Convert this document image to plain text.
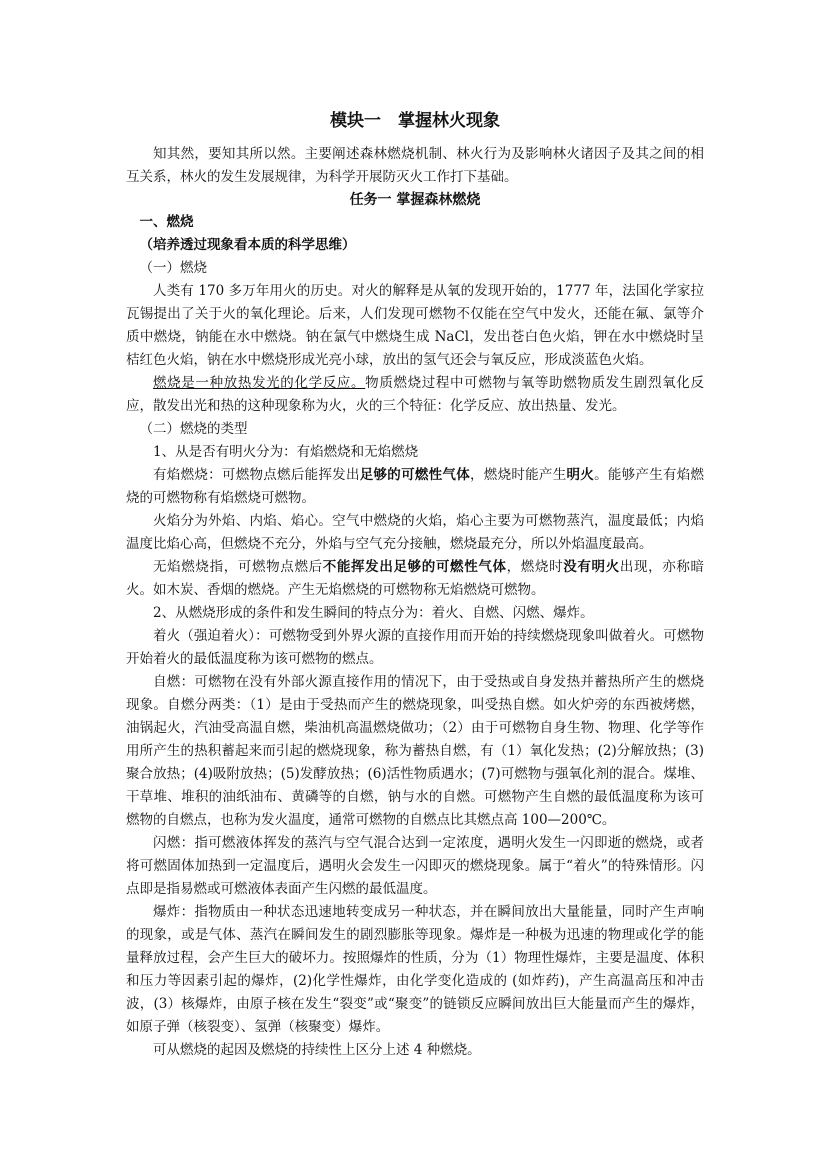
模块一　掌握林火现象

知其然，要知其所以然。主要阐述森林燃烧机制、林火行为及影响林火诸因子及其之间的相互关系，林火的发生发展规律，为科学开展防灭火工作打下基础。

任务一 掌握森林燃烧

一、燃烧

（培养透过现象看本质的科学思维）

（一）燃烧

人类有 170 多万年用火的历史。对火的解释是从氧的发现开始的，1777 年，法国化学家拉瓦锡提出了关于火的氧化理论。后来，人们发现可燃物不仅能在空气中发火，还能在氟、氯等介质中燃烧，钠能在水中燃烧。钠在氯气中燃烧生成 NaCl，发出苍白色火焰，钾在水中燃烧时呈桔红色火焰，钠在水中燃烧形成光亮小球，放出的氢气还会与氧反应，形成淡蓝色火焰。

燃烧是一种放热发光的化学反应。物质燃烧过程中可燃物与氧等助燃物质发生剧烈氧化反应，散发出光和热的这种现象称为火，火的三个特征：化学反应、放出热量、发光。

（二）燃烧的类型

1、从是否有明火分为：有焰燃烧和无焰燃烧

有焰燃烧：可燃物点燃后能挥发出足够的可燃性气体，燃烧时能产生明火。能够产生有焰燃烧的可燃物称有焰燃烧可燃物。

火焰分为外焰、内焰、焰心。空气中燃烧的火焰，焰心主要为可燃物蒸汽，温度最低；内焰温度比焰心高，但燃烧不充分，外焰与空气充分接触，燃烧最充分，所以外焰温度最高。

无焰燃烧指，可燃物点燃后不能挥发出足够的可燃性气体，燃烧时没有明火出现，亦称暗火。如木炭、香烟的燃烧。产生无焰燃烧的可燃物称无焰燃烧可燃物。

2、从燃烧形成的条件和发生瞬间的特点分为：着火、自燃、闪燃、爆炸。

着火（强迫着火）：可燃物受到外界火源的直接作用而开始的持续燃烧现象叫做着火。可燃物开始着火的最低温度称为该可燃物的燃点。

自燃：可燃物在没有外部火源直接作用的情况下，由于受热或自身发热并蓄热所产生的燃烧现象。自燃分两类：（1）是由于受热而产生的燃烧现象，叫受热自燃。如火炉旁的东西被烤燃，油锅起火，汽油受高温自燃，柴油机高温燃烧做功；（2）由于可燃物自身生物、物理、化学等作用所产生的热积蓄起来而引起的燃烧现象，称为蓄热自燃，有（1）氧化发热；(2)分解放热；(3)聚合放热；(4)吸附放热；(5)发酵放热；(6)活性物质遇水；(7)可燃物与强氧化剂的混合。煤堆、干草堆、堆积的油纸油布、黄磷等的自燃，钠与水的自燃。可燃物产生自燃的最低温度称为该可燃物的自燃点，也称为发火温度，通常可燃物的自燃点比其燃点高 100—200℃。

闪燃：指可燃液体挥发的蒸汽与空气混合达到一定浓度，遇明火发生一闪即逝的燃烧，或者将可燃固体加热到一定温度后，遇明火会发生一闪即灭的燃烧现象。属于“着火”的特殊情形。闪点即是指易燃或可燃液体表面产生闪燃的最低温度。

爆炸：指物质由一种状态迅速地转变成另一种状态，并在瞬间放出大量能量，同时产生声响的现象，或是气体、蒸汽在瞬间发生的剧烈膨胀等现象。爆炸是一种极为迅速的物理或化学的能量释放过程，会产生巨大的破坏力。按照爆炸的性质，分为（1）物理性爆炸，主要是温度、体积和压力等因素引起的爆炸，(2)化学性爆炸，由化学变化造成的 (如炸药)，产生高温高压和冲击波，(3）核爆炸，由原子核在发生“裂变”或“聚变”的链锁反应瞬间放出巨大能量而产生的爆炸，如原子弹（核裂变）、氢弹（核聚变）爆炸。

可从燃烧的起因及燃烧的持续性上区分上述 4 种燃烧。
